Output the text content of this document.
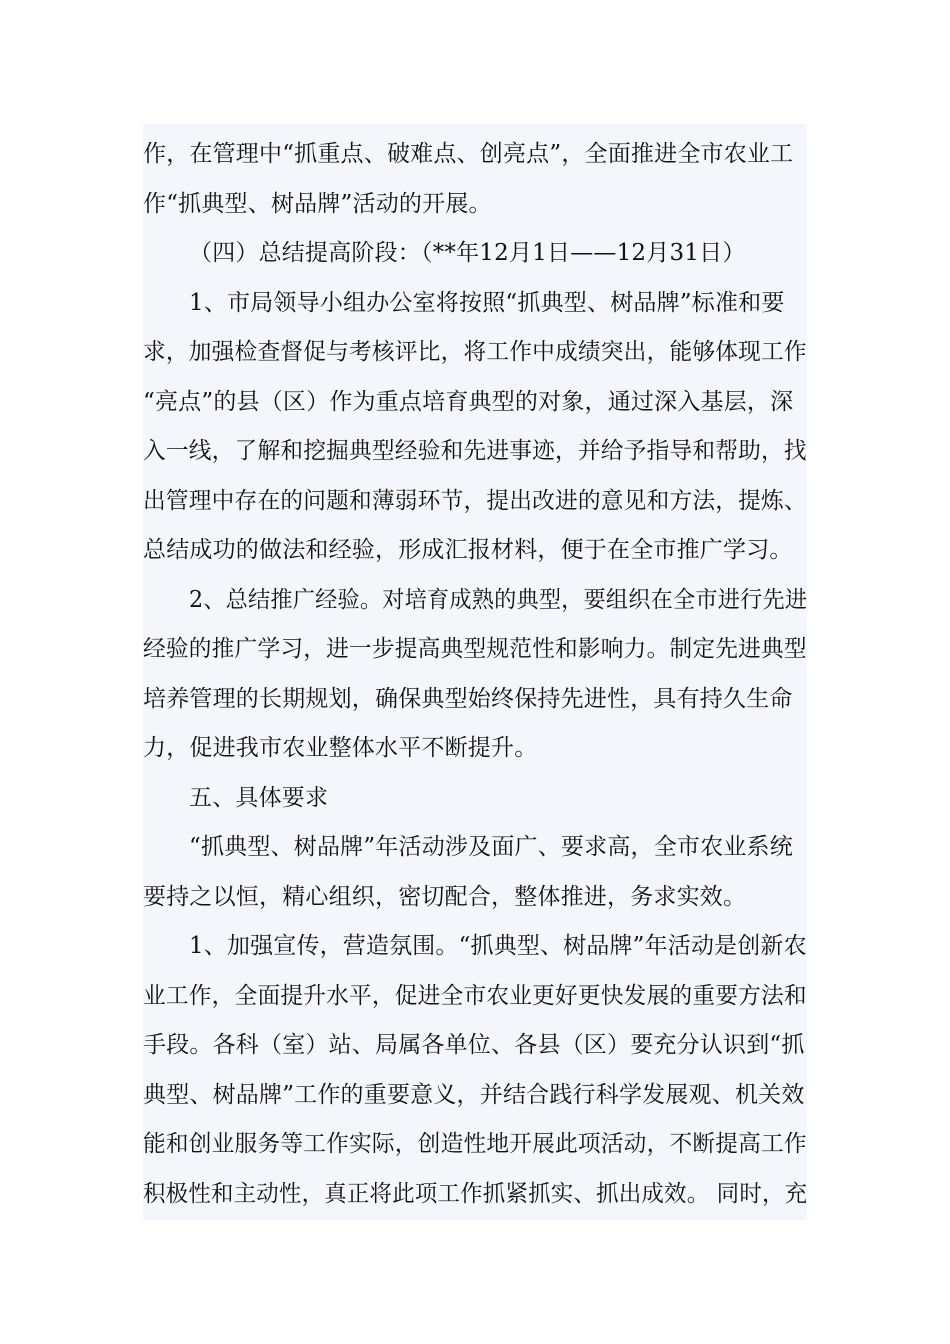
作，在管理中“抓重点、破难点、创亮点”，全面推进全市农业工
作“抓典型、树品牌”活动的开展。
（四）总结提高阶段：（**年12月1日——12月31日）
1、市局领导小组办公室将按照“抓典型、树品牌”标准和要
求，加强检查督促与考核评比，将工作中成绩突出，能够体现工作
“亮点”的县（区）作为重点培育典型的对象，通过深入基层，深
入一线，了解和挖掘典型经验和先进事迹，并给予指导和帮助，找
出管理中存在的问题和薄弱环节，提出改进的意见和方法，提炼、
总结成功的做法和经验，形成汇报材料，便于在全市推广学习。
2、总结推广经验。对培育成熟的典型，要组织在全市进行先进
经验的推广学习，进一步提高典型规范性和影响力。制定先进典型
培养管理的长期规划，确保典型始终保持先进性，具有持久生命
力，促进我市农业整体水平不断提升。
五、具体要求
“抓典型、树品牌”年活动涉及面广、要求高，全市农业系统
要持之以恒，精心组织，密切配合，整体推进，务求实效。
1、加强宣传，营造氛围。“抓典型、树品牌”年活动是创新农
业工作，全面提升水平，促进全市农业更好更快发展的重要方法和
手段。各科（室）站、局属各单位、各县（区）要充分认识到“抓
典型、树品牌”工作的重要意义，并结合践行科学发展观、机关效
能和创业服务等工作实际，创造性地开展此项活动，不断提高工作
积极性和主动性，真正将此项工作抓紧抓实、抓出成效。 同时，充
